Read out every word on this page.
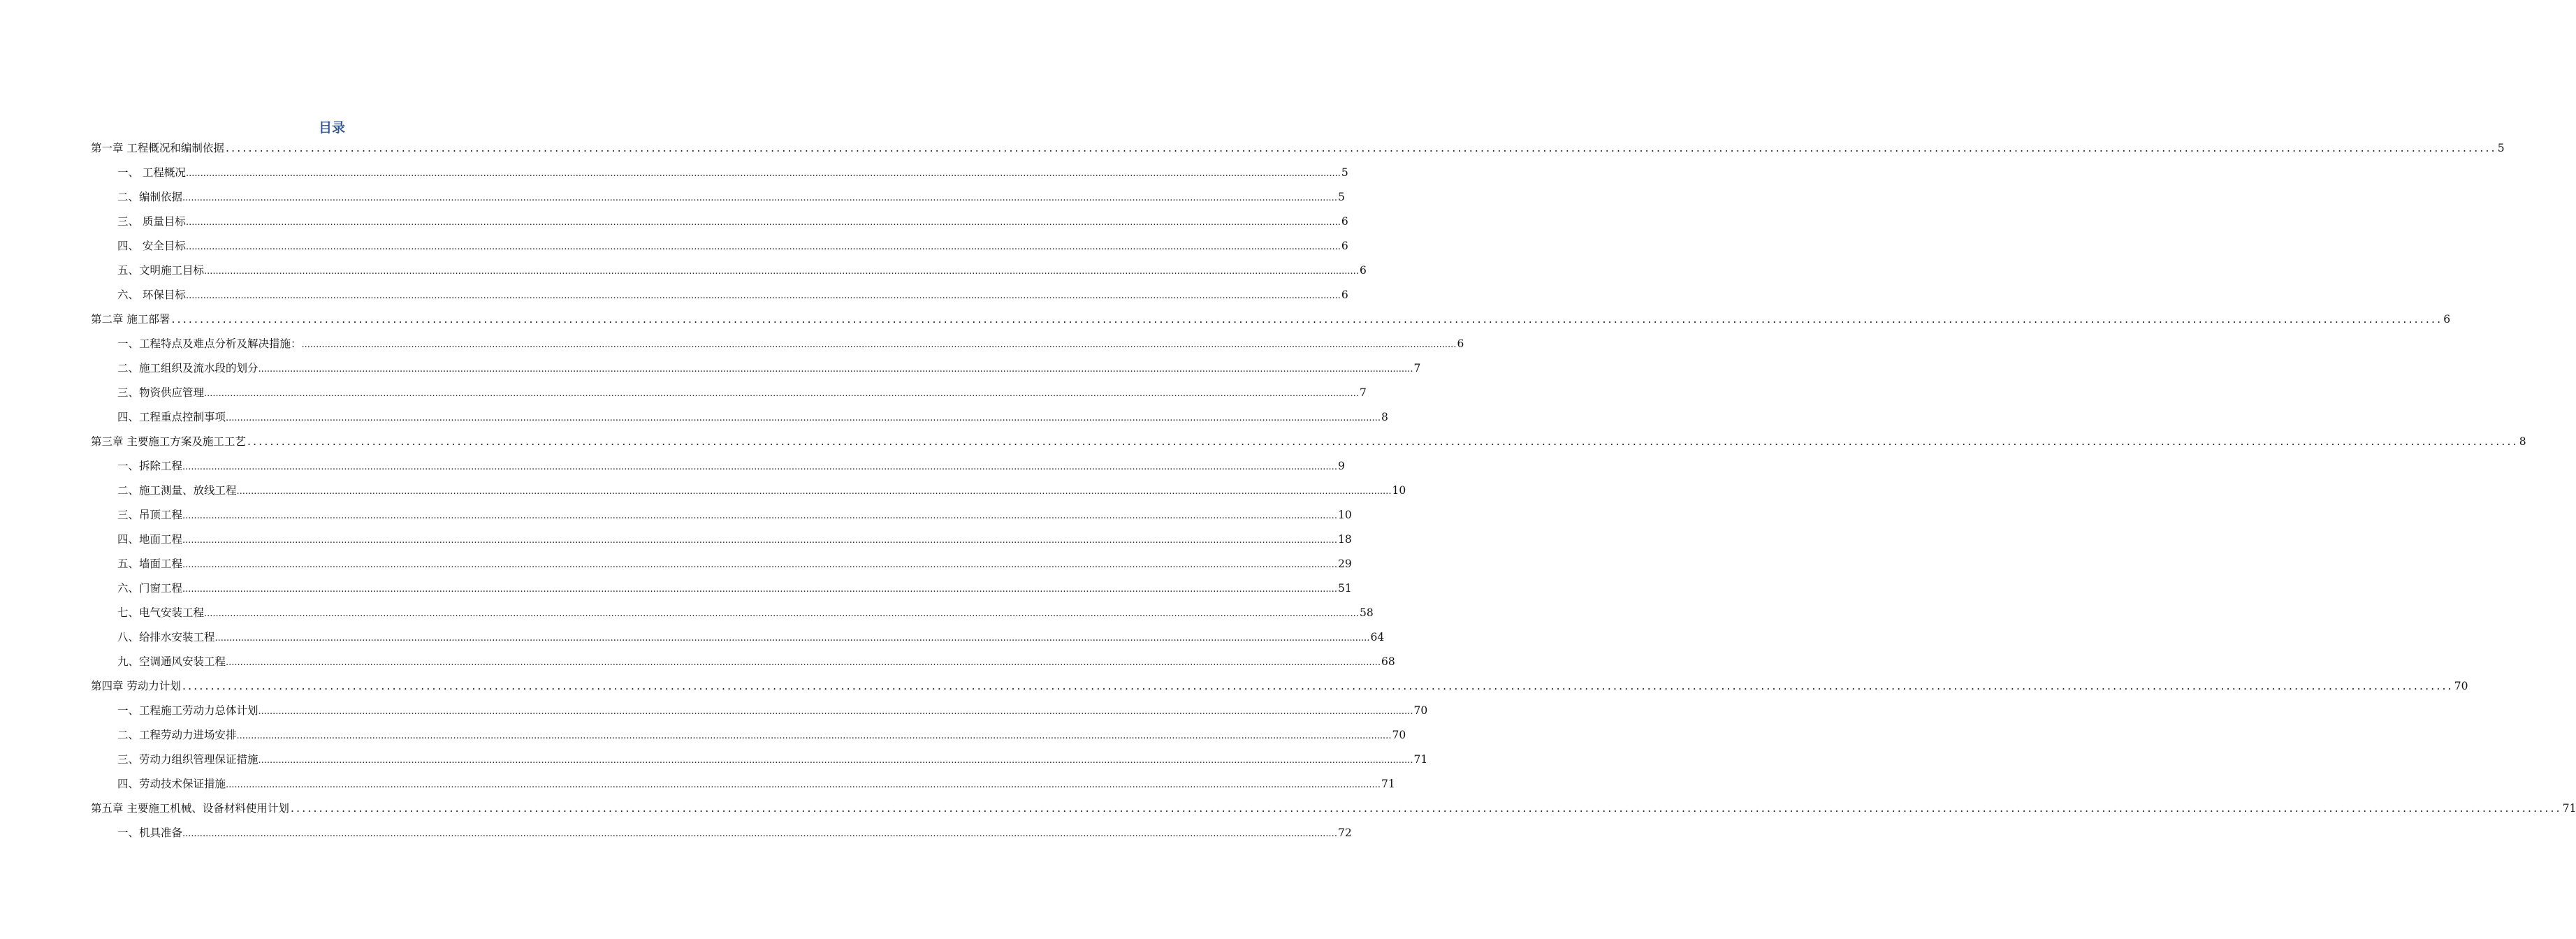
目录
第一章 工程概况和编制依据 ................................................................................................................................................................................................................................................................................................................................................................................................................ 5
一、 工程概况 ................................................................................................................................................................................................................................................................................................................................................................................................................ 5
二、编制依据 ................................................................................................................................................................................................................................................................................................................................................................................................................ 5
三、 质量目标 ................................................................................................................................................................................................................................................................................................................................................................................................................ 6
四、 安全目标 ................................................................................................................................................................................................................................................................................................................................................................................................................ 6
五、文明施工目标 ................................................................................................................................................................................................................................................................................................................................................................................................................ 6
六、 环保目标 ................................................................................................................................................................................................................................................................................................................................................................................................................ 6
第二章 施工部署 ................................................................................................................................................................................................................................................................................................................................................................................................................ 6
一、工程特点及难点分析及解决措施： ................................................................................................................................................................................................................................................................................................................................................................................................................ 6
二、施工组织及流水段的划分 ................................................................................................................................................................................................................................................................................................................................................................................................................ 7
三、物资供应管理 ................................................................................................................................................................................................................................................................................................................................................................................................................ 7
四、工程重点控制事项 ................................................................................................................................................................................................................................................................................................................................................................................................................ 8
第三章 主要施工方案及施工工艺 ................................................................................................................................................................................................................................................................................................................................................................................................................ 8
一、拆除工程 ................................................................................................................................................................................................................................................................................................................................................................................................................ 9
二、施工测量、放线工程 ................................................................................................................................................................................................................................................................................................................................................................................................................ 10
三、吊顶工程 ................................................................................................................................................................................................................................................................................................................................................................................................................ 10
四、地面工程 ................................................................................................................................................................................................................................................................................................................................................................................................................ 18
五、墙面工程 ................................................................................................................................................................................................................................................................................................................................................................................................................ 29
六、门窗工程 ................................................................................................................................................................................................................................................................................................................................................................................................................ 51
七、电气安装工程 ................................................................................................................................................................................................................................................................................................................................................................................................................ 58
八、给排水安装工程 ................................................................................................................................................................................................................................................................................................................................................................................................................ 64
九、空调通风安装工程 ................................................................................................................................................................................................................................................................................................................................................................................................................ 68
第四章 劳动力计划 ................................................................................................................................................................................................................................................................................................................................................................................................................ 70
一、工程施工劳动力总体计划 ................................................................................................................................................................................................................................................................................................................................................................................................................ 70
二、工程劳动力进场安排 ................................................................................................................................................................................................................................................................................................................................................................................................................ 70
三、劳动力组织管理保证措施 ................................................................................................................................................................................................................................................................................................................................................................................................................ 71
四、劳动技术保证措施 ................................................................................................................................................................................................................................................................................................................................................................................................................ 71
第五章 主要施工机械、设备材料使用计划 ................................................................................................................................................................................................................................................................................................................................................................................................................ 71
一、机具准备 ................................................................................................................................................................................................................................................................................................................................................................................................................ 72
